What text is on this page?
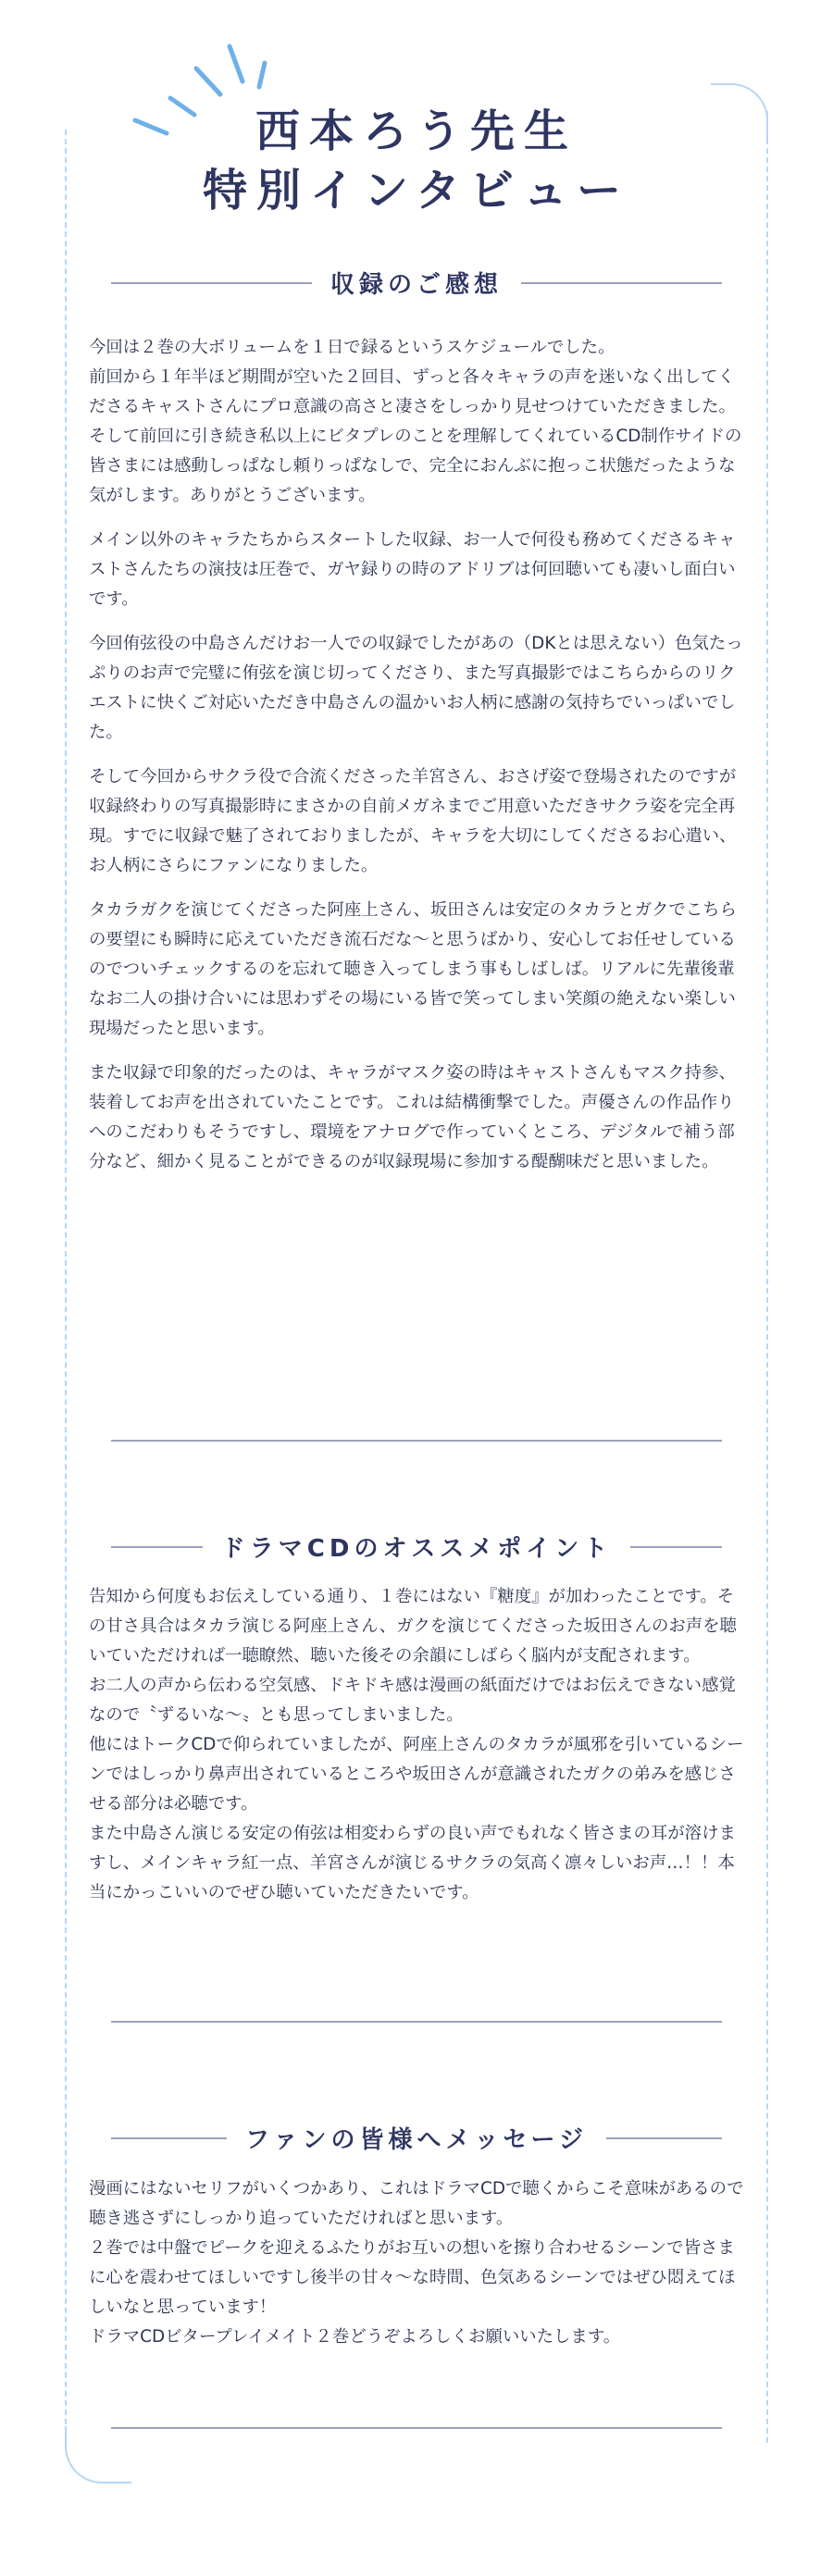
西本ろう先生
特別インタビュー
収録のご感想

今回は２巻の大ボリュームを１日で録るというスケジュールでした。
前回から１年半ほど期間が空いた２回目、ずっと各々キャラの声を迷いなく出してくださるキャストさんにプロ意識の高さと凄さをしっかり見せつけていただきました。
そして前回に引き続き私以上にビタプレのことを理解してくれているCD制作サイドの皆さまには感動しっぱなし頼りっぱなしで、完全におんぶに抱っこ状態だったような気がします。ありがとうございます。

メイン以外のキャラたちからスタートした収録、お一人で何役も務めてくださるキャストさんたちの演技は圧巻で、ガヤ録りの時のアドリブは何回聴いても凄いし面白いです。

今回侑弦役の中島さんだけお一人での収録でしたがあの（DKとは思えない）色気たっぷりのお声で完璧に侑弦を演じ切ってくださり、また写真撮影ではこちらからのリクエストに快くご対応いただき中島さんの温かいお人柄に感謝の気持ちでいっぱいでした。

そして今回からサクラ役で合流くださった羊宮さん、おさげ姿で登場されたのですが収録終わりの写真撮影時にまさかの自前メガネまでご用意いただきサクラ姿を完全再現。すでに収録で魅了されておりましたが、キャラを大切にしてくださるお心遣い、お人柄にさらにファンになりました。

タカラガクを演じてくださった阿座上さん、坂田さんは安定のタカラとガクでこちらの要望にも瞬時に応えていただき流石だな〜と思うばかり、安心してお任せしているのでついチェックするのを忘れて聴き入ってしまう事もしばしば。リアルに先輩後輩なお二人の掛け合いには思わずその場にいる皆で笑ってしまい笑顔の絶えない楽しい現場だったと思います。

また収録で印象的だったのは、キャラがマスク姿の時はキャストさんもマスク持参、装着してお声を出されていたことです。これは結構衝撃でした。声優さんの作品作りへのこだわりもそうですし、環境をアナログで作っていくところ、デジタルで補う部分など、細かく見ることができるのが収録現場に参加する醍醐味だと思いました。

ドラマCDのオススメポイント

告知から何度もお伝えしている通り、１巻にはない『糖度』が加わったことです。その甘さ具合はタカラ演じる阿座上さん、ガクを演じてくださった坂田さんのお声を聴いていただければ一聴瞭然、聴いた後その余韻にしばらく脳内が支配されます。
お二人の声から伝わる空気感、ドキドキ感は漫画の紙面だけではお伝えできない感覚なので〝ずるいな〜〟とも思ってしまいました。
他にはトークCDで仰られていましたが、阿座上さんのタカラが風邪を引いているシーンではしっかり鼻声出されているところや坂田さんが意識されたガクの弟みを感じさせる部分は必聴です。
また中島さん演じる安定の侑弦は相変わらずの良い声でもれなく皆さまの耳が溶けますし、メインキャラ紅一点、羊宮さんが演じるサクラの気高く凛々しいお声…！！本当にかっこいいのでぜひ聴いていただきたいです。

ファンの皆様へメッセージ

漫画にはないセリフがいくつかあり、これはドラマCDで聴くからこそ意味があるので聴き逃さずにしっかり追っていただければと思います。
２巻では中盤でピークを迎えるふたりがお互いの想いを擦り合わせるシーンで皆さまに心を震わせてほしいですし後半の甘々〜な時間、色気あるシーンではぜひ悶えてほしいなと思っています！
ドラマCDビタープレイメイト２巻どうぞよろしくお願いいたします。
